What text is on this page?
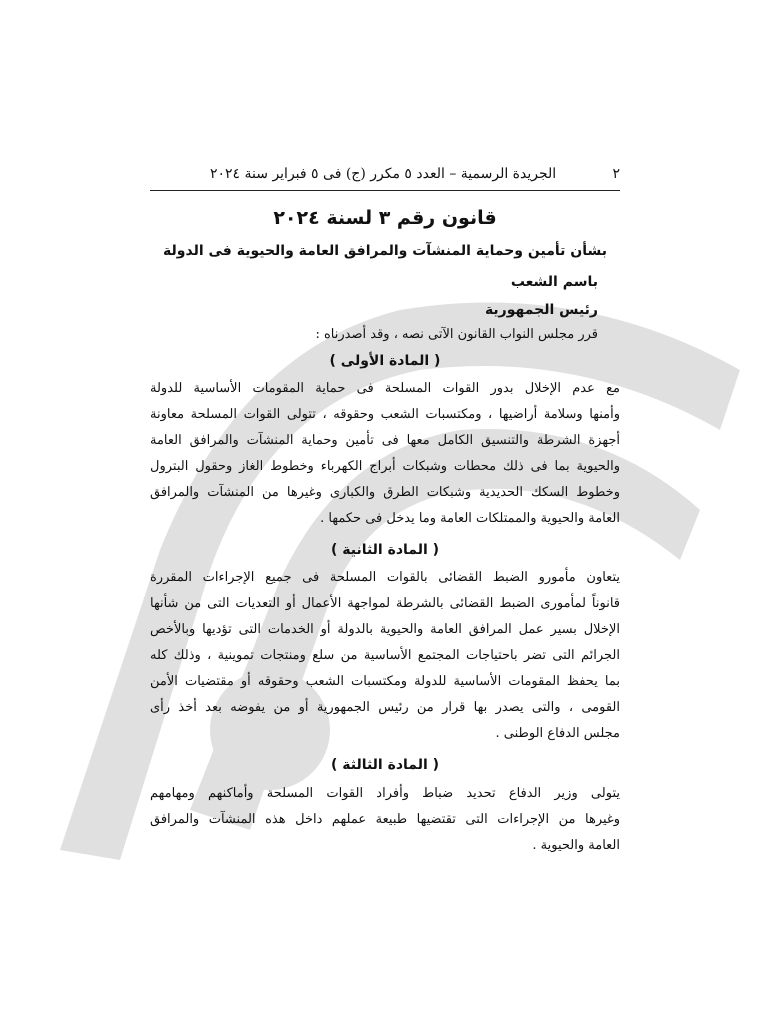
٢
الجريدة الرسمية – العدد ٥ مكرر (ج) فى ٥ فبراير سنة ٢٠٢٤
قانون رقم ٣ لسنة ٢٠٢٤
بشأن تأمين وحماية المنشآت والمرافق العامة والحيوية فى الدولة
باسم الشعب
رئيس الجمهورية
قرر مجلس النواب القانون الآتى نصه ، وقد أصدرناه :
( المادة الأولى )
مع عدم الإخلال بدور القوات المسلحة فى حماية المقومات الأساسية للدولة
وأمنها وسلامة أراضيها ، ومكتسبات الشعب وحقوقه ، تتولى القوات المسلحة معاونة
أجهزة الشرطة والتنسيق الكامل معها فى تأمين وحماية المنشآت والمرافق العامة
والحيوية بما فى ذلك محطات وشبكات أبراج الكهرباء وخطوط الغاز وحقول البترول
وخطوط السكك الحديدية وشبكات الطرق والكبارى وغيرها من المنشآت والمرافق
العامة والحيوية والممتلكات العامة وما يدخل فى حكمها .
( المادة الثانية )
يتعاون مأمورو الضبط القضائى بالقوات المسلحة فى جميع الإجراءات المقررة
قانوناً لمأمورى الضبط القضائى بالشرطة لمواجهة الأعمال أو التعديات التى من شأنها
الإخلال بسير عمل المرافق العامة والحيوية بالدولة أو الخدمات التى تؤديها وبالأخص
الجرائم التى تضر باحتياجات المجتمع الأساسية من سلع ومنتجات تموينية ، وذلك كله
بما يحفظ المقومات الأساسية للدولة ومكتسبات الشعب وحقوقه أو مقتضيات الأمن
القومى ، والتى يصدر بها قرار من رئيس الجمهورية أو من يفوضه بعد أخذ رأى
مجلس الدفاع الوطنى .
( المادة الثالثة )
يتولى وزير الدفاع تحديد ضباط وأفراد القوات المسلحة وأماكنهم ومهامهم
وغيرها من الإجراءات التى تقتضيها طبيعة عملهم داخل هذه المنشآت والمرافق
العامة والحيوية .
